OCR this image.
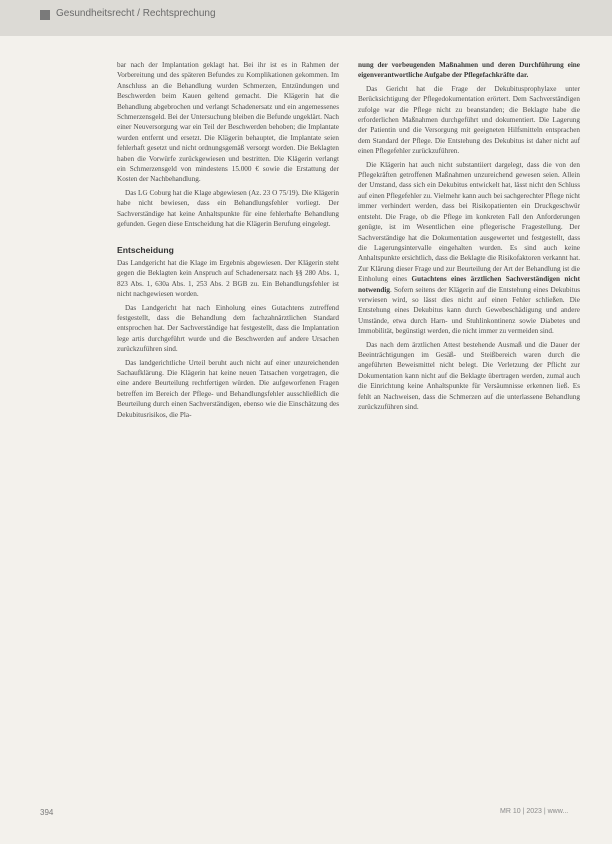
Gesundheitsrecht / Rechtsprechung

bar nach der Implantation geklagt hat. Bei ihr ist es in Rahmen der Vorbereitung und des späteren Befundes zu Komplikationen gekommen. Im Anschluss an die Behandlung wurden Schmerzen, Entzündungen und Beschwerden beim Kauen geltend gemacht. Die Klägerin hat die Behandlung abgebrochen und verlangt Schadenersatz und ein angemessenes Schmerzensgeld. Bei der Untersuchung bleiben die Befunde ungeklärt. Nach einer Neuversorgung war ein Teil der Beschwerden behoben; die Implantate wurden entfernt und ersetzt. Die Klägerin behauptet, die Implantate seien fehlerhaft gesetzt und nicht ordnungsgemäß versorgt worden. Die Beklagten haben die Vorwürfe zurückgewiesen und bestritten. Die Klägerin verlangt ein Schmerzensgeld von mindestens 15.000 € sowie die Erstattung der Kosten der Nachbehandlung.

Das LG Coburg hat die Klage abgewiesen (Az. 23 O 75/19). Die Klägerin habe nicht bewiesen, dass ein Behandlungsfehler vorliegt. Der Sachverständige hat keine Anhaltspunkte für eine fehlerhafte Behandlung gefunden. Gegen diese Entscheidung hat die Klägerin Berufung eingelegt.

Entscheidung

Das Landgericht hat die Klage im Ergebnis abgewiesen. Der Klägerin steht gegen die Beklagten kein Anspruch auf Schadenersatz nach §§ 280 Abs. 1, 823 Abs. 1, 630a Abs. 1, 253 Abs. 2 BGB zu. Ein Behandlungsfehler ist nicht nachgewiesen worden.

Das Landgericht hat nach Einholung eines Gutachtens zutreffend festgestellt, dass die Behandlung dem fachzahnärztlichen Standard entsprochen hat. Der Sachverständige hat festgestellt, dass die Implantation lege artis durchgeführt wurde und die Beschwerden auf andere Ursachen zurückzuführen sind.

Das landgerichtliche Urteil beruht auch nicht auf einer unzureichenden Sachaufklärung. Die Klägerin hat keine neuen Tatsachen vorgetragen, die eine andere Beurteilung rechtfertigen würden. Die aufgeworfenen Fragen betreffen im Bereich der Pflege- und Behandlungsfehler ausschließlich die Beurteilung durch einen Sachverständigen, ebenso wie die Einschätzung des Dekubitusrisikos, die Pla-

nung der vorbeugenden Maßnahmen und deren Durchführung eine eigenverantwortliche Aufgabe der Pflegefachkräfte dar.

Das Gericht hat die Frage der Dekubitusprophylaxe unter Berücksichtigung der Pflegedokumentation erörtert. Dem Sachverständigen zufolge war die Pflege nicht zu beanstanden; die Beklagte habe die erforderlichen Maßnahmen durchgeführt und dokumentiert. Die Lagerung der Patientin und die Versorgung mit geeigneten Hilfsmitteln entsprachen dem Standard der Pflege. Die Entstehung des Dekubitus ist daher nicht auf einen Pflegefehler zurückzuführen.

Die Klägerin hat auch nicht substantiiert dargelegt, dass die von den Pflegekräften getroffenen Maßnahmen unzureichend gewesen seien. Allein der Umstand, dass sich ein Dekubitus entwickelt hat, lässt nicht den Schluss auf einen Pflegefehler zu. Vielmehr kann auch bei sachgerechter Pflege nicht immer verhindert werden, dass bei Risikopatienten ein Druckgeschwür entsteht. Die Frage, ob die Pflege im konkreten Fall den Anforderungen genügte, ist im Wesentlichen eine pflegerische Fragestellung. Der Sachverständige hat die Dokumentation ausgewertet und festgestellt, dass die Lagerungsintervalle eingehalten wurden. Es sind auch keine Anhaltspunkte ersichtlich, dass die Beklagte die Risikofaktoren verkannt hat. Zur Klärung dieser Frage und zur Beurteilung der Art der Behandlung ist die Einholung eines Gutachtens eines ärztlichen Sachverständigen nicht notwendig. Sofern seitens der Klägerin auf die Entstehung eines Dekubitus verwiesen wird, so lässt dies nicht auf einen Fehler schließen. Die Entstehung eines Dekubitus kann durch Gewebeschädigung und andere Umstände, etwa durch Harn- und Stuhlinkontinenz sowie Diabetes und Immobilität, begünstigt werden, die nicht immer zu vermeiden sind.

Das nach dem ärztlichen Attest bestehende Ausmaß und die Dauer der Beeinträchtigungen im Gesäß- und Steißbereich waren durch die angeführten Beweismittel nicht belegt. Die Verletzung der Pflicht zur Dokumentation kann nicht auf die Beklagte übertragen werden, zumal auch die Einrichtung keine Anhaltspunkte für Versäumnisse erkennen ließ. Es fehlt an Nachweisen, dass die Schmerzen auf die unterlassene Behandlung zurückzuführen sind.

394	MR 10 | 2023 | www...
